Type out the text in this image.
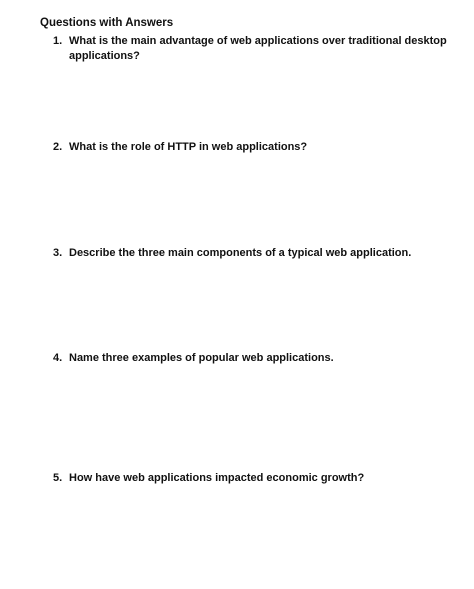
Questions with Answers
1. What is the main advantage of web applications over traditional desktop applications?
2. What is the role of HTTP in web applications?
3. Describe the three main components of a typical web application.
4. Name three examples of popular web applications.
5. How have web applications impacted economic growth?
